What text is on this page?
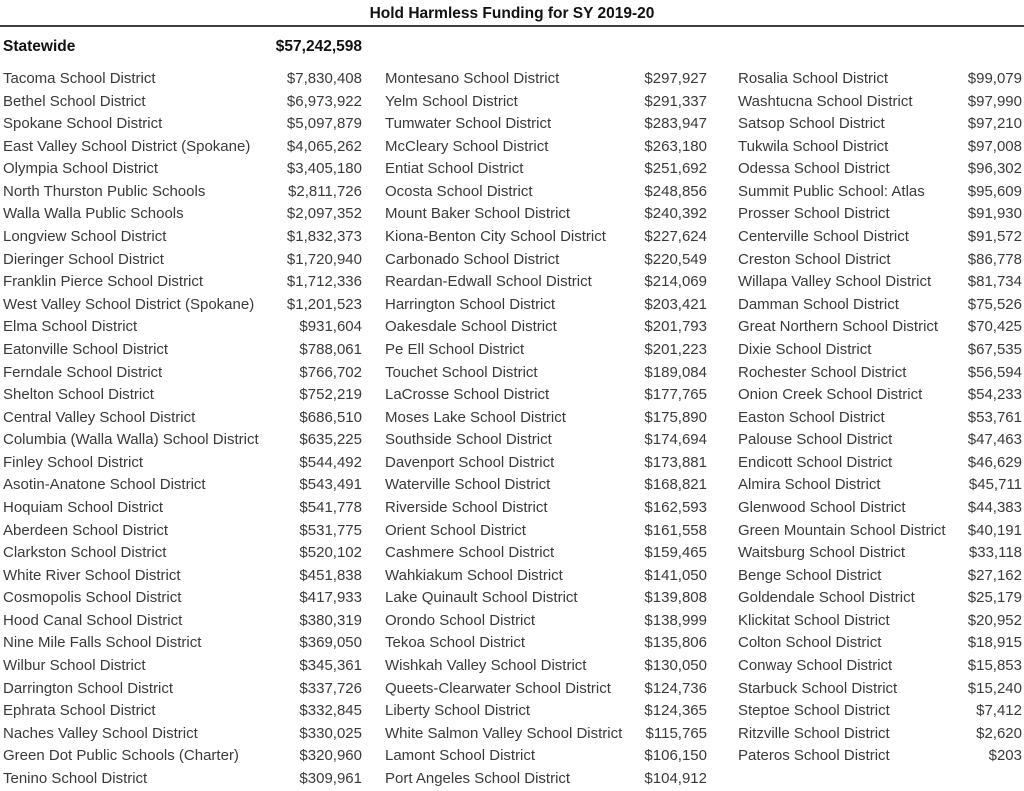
Hold Harmless Funding for SY 2019-20
Statewide	$57,242,598
Tacoma School District	$7,830,408
Bethel School District	$6,973,922
Spokane School District	$5,097,879
East Valley School District (Spokane) $4,065,262
Olympia School District	$3,405,180
North Thurston Public Schools	$2,811,726
Walla Walla Public Schools	$2,097,352
Longview School District	$1,832,373
Dieringer School District	$1,720,940
Franklin Pierce School District	$1,712,336
West Valley School District (Spokane) $1,201,523
Elma School District	$931,604
Eatonville School District	$788,061
Ferndale School District	$766,702
Shelton School District	$752,219
Central Valley School District	$686,510
Columbia (Walla Walla) School District	$635,225
Finley School District	$544,492
Asotin-Anatone School District	$543,491
Hoquiam School District	$541,778
Aberdeen School District	$531,775
Clarkston School District	$520,102
White River School District	$451,838
Cosmopolis School District	$417,933
Hood Canal School District	$380,319
Nine Mile Falls School District	$369,050
Wilbur School District	$345,361
Darrington School District	$337,726
Ephrata School District	$332,845
Naches Valley School District	$330,025
Green Dot Public Schools (Charter)	$320,960
Tenino School District	$309,961
Montesano School District	$297,927
Yelm School District	$291,337
Tumwater School District	$283,947
McCleary School District	$263,180
Entiat School District	$251,692
Ocosta School District	$248,856
Mount Baker School District	$240,392
Kiona-Benton City School District	$227,624
Carbonado School District	$220,549
Reardan-Edwall School District	$214,069
Harrington School District	$203,421
Oakesdale School District	$201,793
Pe Ell School District	$201,223
Touchet School District	$189,084
LaCrosse School District	$177,765
Moses Lake School District	$175,890
Southside School District	$174,694
Davenport School District	$173,881
Waterville School District	$168,821
Riverside School District	$162,593
Orient School District	$161,558
Cashmere School District	$159,465
Wahkiakum School District	$141,050
Lake Quinault School District	$139,808
Orondo School District	$138,999
Tekoa School District	$135,806
Wishkah Valley School District	$130,050
Queets-Clearwater School District $124,736
Liberty School District	$124,365
White Salmon Valley School District $115,765
Lamont School District	$106,150
Port Angeles School District	$104,912
Rosalia School District	$99,079
Washtucna School District	$97,990
Satsop School District	$97,210
Tukwila School District	$97,008
Odessa School District	$96,302
Summit Public School: Atlas	$95,609
Prosser School District	$91,930
Centerville School District	$91,572
Creston School District	$86,778
Willapa Valley School District $81,734
Damman School District	$75,526
Great Northern School District $70,425
Dixie School District	$67,535
Rochester School District	$56,594
Onion Creek School District	$54,233
Easton School District	$53,761
Palouse School District	$47,463
Endicott School District	$46,629
Almira School District	$45,711
Glenwood School District	$44,383
Green Mountain School District $40,191
Waitsburg School District	$33,118
Benge School District	$27,162
Goldendale School District	$25,179
Klickitat School District	$20,952
Colton School District	$18,915
Conway School District	$15,853
Starbuck School District	$15,240
Steptoe School District	$7,412
Ritzville School District	$2,620
Pateros School District	$203
